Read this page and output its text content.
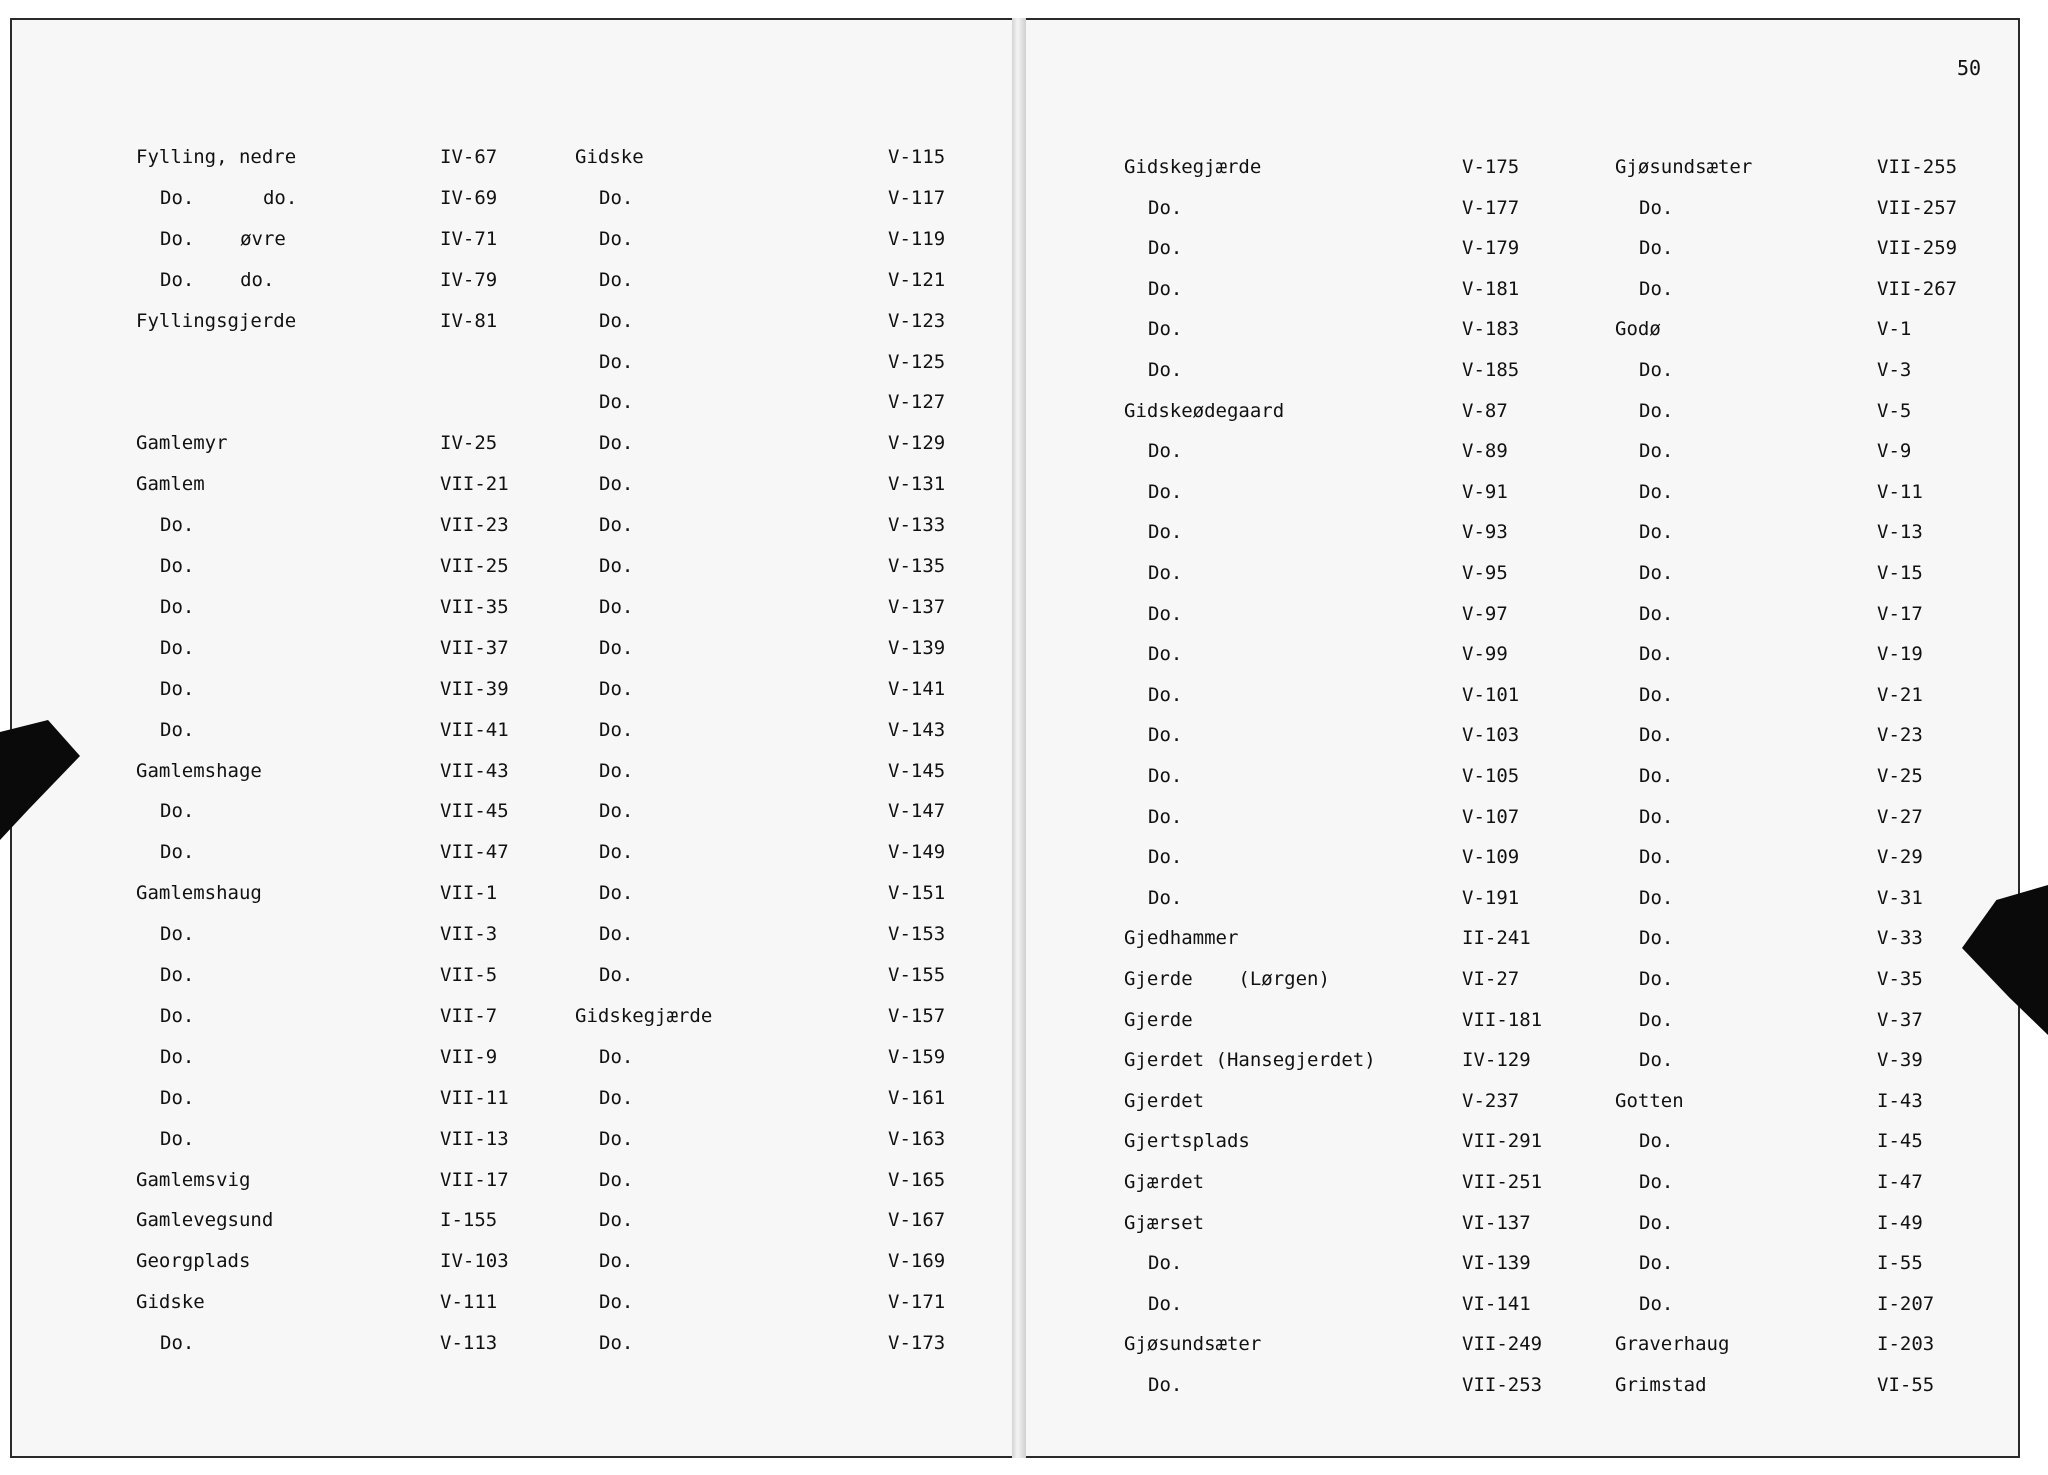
50
Fylling, nedre	IV-67
Do.      do.	IV-69
Do.    øvre	IV-71
Do.    do.	IV-79
Fyllingsgjerde	IV-81
Gamlemyr	IV-25
Gamlem	VII-21
Do.	VII-23
Do.	VII-25
Do.	VII-35
Do.	VII-37
Do.	VII-39
Do.	VII-41
Gamlemshage	VII-43
Do.	VII-45
Do.	VII-47
Gamlemshaug	VII-1
Do.	VII-3
Do.	VII-5
Do.	VII-7
Do.	VII-9
Do.	VII-11
Do.	VII-13
Gamlemsvig	VII-17
Gamlevegsund	I-155
Georgplads	IV-103
Gidske	V-111
Do.	V-113
Gidske	V-115
Do.	V-117
Do.	V-119
Do.	V-121
Do.	V-123
Do.	V-125
Do.	V-127
Do.	V-129
Do.	V-131
Do.	V-133
Do.	V-135
Do.	V-137
Do.	V-139
Do.	V-141
Do.	V-143
Do.	V-145
Do.	V-147
Do.	V-149
Do.	V-151
Do.	V-153
Do.	V-155
Gidskegjærde	V-157
Do.	V-159
Do.	V-161
Do.	V-163
Do.	V-165
Do.	V-167
Do.	V-169
Do.	V-171
Do.	V-173
Gidskegjærde	V-175
Do.	V-177
Do.	V-179
Do.	V-181
Do.	V-183
Do.	V-185
Gidskeødegaard	V-87
Do.	V-89
Do.	V-91
Do.	V-93
Do.	V-95
Do.	V-97
Do.	V-99
Do.	V-101
Do.	V-103
Do.	V-105
Do.	V-107
Do.	V-109
Do.	V-191
Gjedhammer	II-241
Gjerde    (Lørgen)	VI-27
Gjerde	VII-181
Gjerdet (Hansegjerdet)	IV-129
Gjerdet	V-237
Gjertsplads	VII-291
Gjærdet	VII-251
Gjærset	VI-137
Do.	VI-139
Do.	VI-141
Gjøsundsæter	VII-249
Do.	VII-253
Gjøsundsæter	VII-255
Do.	VII-257
Do.	VII-259
Do.	VII-267
Godø	V-1
Do.	V-3
Do.	V-5
Do.	V-9
Do.	V-11
Do.	V-13
Do.	V-15
Do.	V-17
Do.	V-19
Do.	V-21
Do.	V-23
Do.	V-25
Do.	V-27
Do.	V-29
Do.	V-31
Do.	V-33
Do.	V-35
Do.	V-37
Do.	V-39
Gotten	I-43
Do.	I-45
Do.	I-47
Do.	I-49
Do.	I-55
Do.	I-207
Graverhaug	I-203
Grimstad	VI-55
